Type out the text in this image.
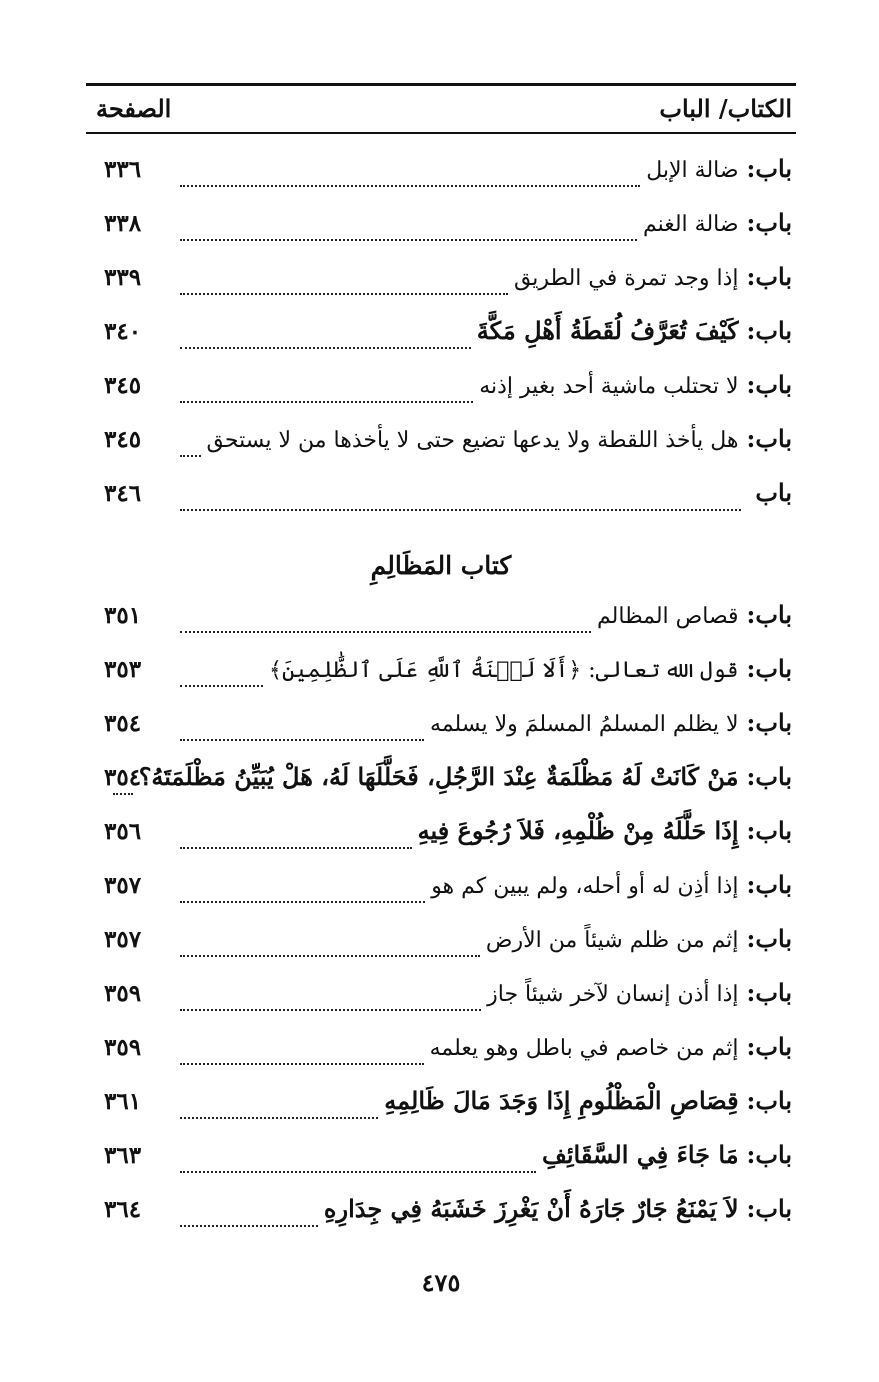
الكتاب/ الباب
الصفحة
باب:
ضالة الإبل
٣٣٦
باب:
ضالة الغنم
٣٣٨
باب:
إذا وجد تمرة في الطريق
٣٣٩
باب:
كَيْفَ تُعَرَّفُ لُقَطَةُ أَهْلِ مَكَّةَ
٣٤٠
باب:
لا تحتلب ماشية أحد بغير إذنه
٣٤٥
باب:
هل يأخذ اللقطة ولا يدعها تضيع حتى لا يأخذها من لا يستحق
٣٤٥
باب
٣٤٦
كتاب المَظَالِمِ
باب:
قصاص المظالم
٣٥١
باب:
قول الله تعالى: ﴿أَلَا لَعۡنَةُ ٱللَّهِ عَلَى ٱلظَّٰلِمِينَ﴾
٣٥٣
باب:
لا يظلم المسلمُ المسلمَ ولا يسلمه
٣٥٤
باب:
مَنْ كَانَتْ لَهُ مَظْلَمَةٌ عِنْدَ الرَّجُلِ، فَحَلَّلَهَا لَهُ، هَلْ يُبَيِّنُ مَظْلَمَتَهُ؟
٣٥٤
باب:
إِذَا حَلَّلَهُ مِنْ ظُلْمِهِ، فَلاَ رُجُوعَ فِيهِ
٣٥٦
باب:
إذا أذِن له أو أحله، ولم يبين كم هو
٣٥٧
باب:
إثم من ظلم شيئاً من الأرض
٣٥٧
باب:
إذا أذن إنسان لآخر شيئاً جاز
٣٥٩
باب:
إثم من خاصم في باطل وهو يعلمه
٣٥٩
باب:
قِصَاصِ الْمَظْلُومِ إِذَا وَجَدَ مَالَ ظَالِمِهِ
٣٦١
باب:
مَا جَاءَ فِي السَّقَائِفِ
٣٦٣
باب:
لاَ يَمْنَعُ جَارٌ جَارَهُ أَنْ يَغْرِزَ خَشَبَهُ فِي جِدَارِهِ
٣٦٤
٤٧٥
